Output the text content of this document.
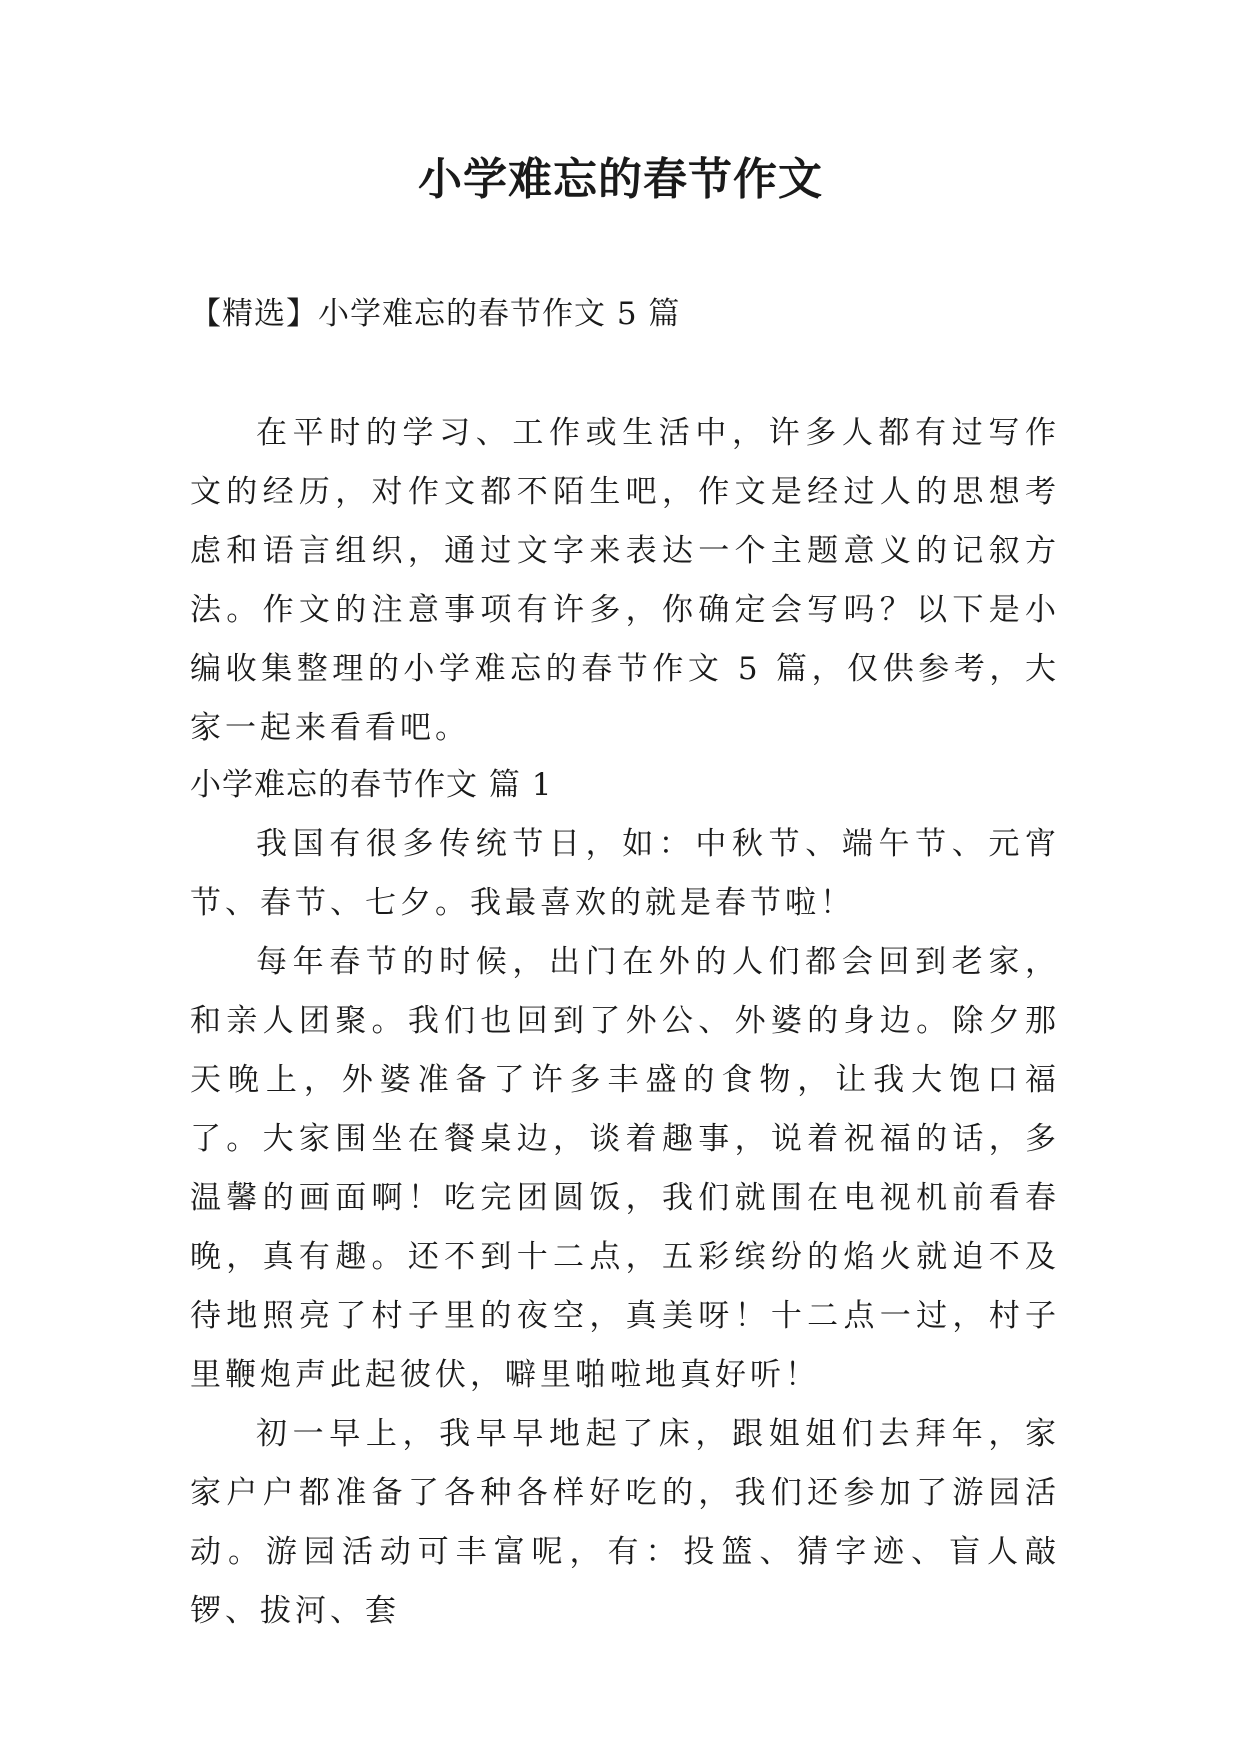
小学难忘的春节作文
【精选】小学难忘的春节作文 5 篇

在平时的学习、工作或生活中，许多人都有过写作文的经历，对作文都不陌生吧，作文是经过人的思想考虑和语言组织，通过文字来表达一个主题意义的记叙方法。作文的注意事项有许多，你确定会写吗？以下是小编收集整理的小学难忘的春节作文 5 篇，仅供参考，大家一起来看看吧。

小学难忘的春节作文 篇 1

我国有很多传统节日，如：中秋节、端午节、元宵节、春节、七夕。我最喜欢的就是春节啦！

每年春节的时候，出门在外的人们都会回到老家，和亲人团聚。我们也回到了外公、外婆的身边。除夕那天晚上，外婆准备了许多丰盛的食物，让我大饱口福了。大家围坐在餐桌边，谈着趣事，说着祝福的话，多温馨的画面啊！吃完团圆饭，我们就围在电视机前看春晚，真有趣。还不到十二点，五彩缤纷的焰火就迫不及待地照亮了村子里的夜空，真美呀！十二点一过，村子里鞭炮声此起彼伏，噼里啪啦地真好听！

初一早上，我早早地起了床，跟姐姐们去拜年，家家户户都准备了各种各样好吃的，我们还参加了游园活动。游园活动可丰富呢，有：投篮、猜字迹、盲人敲锣、拔河、套
